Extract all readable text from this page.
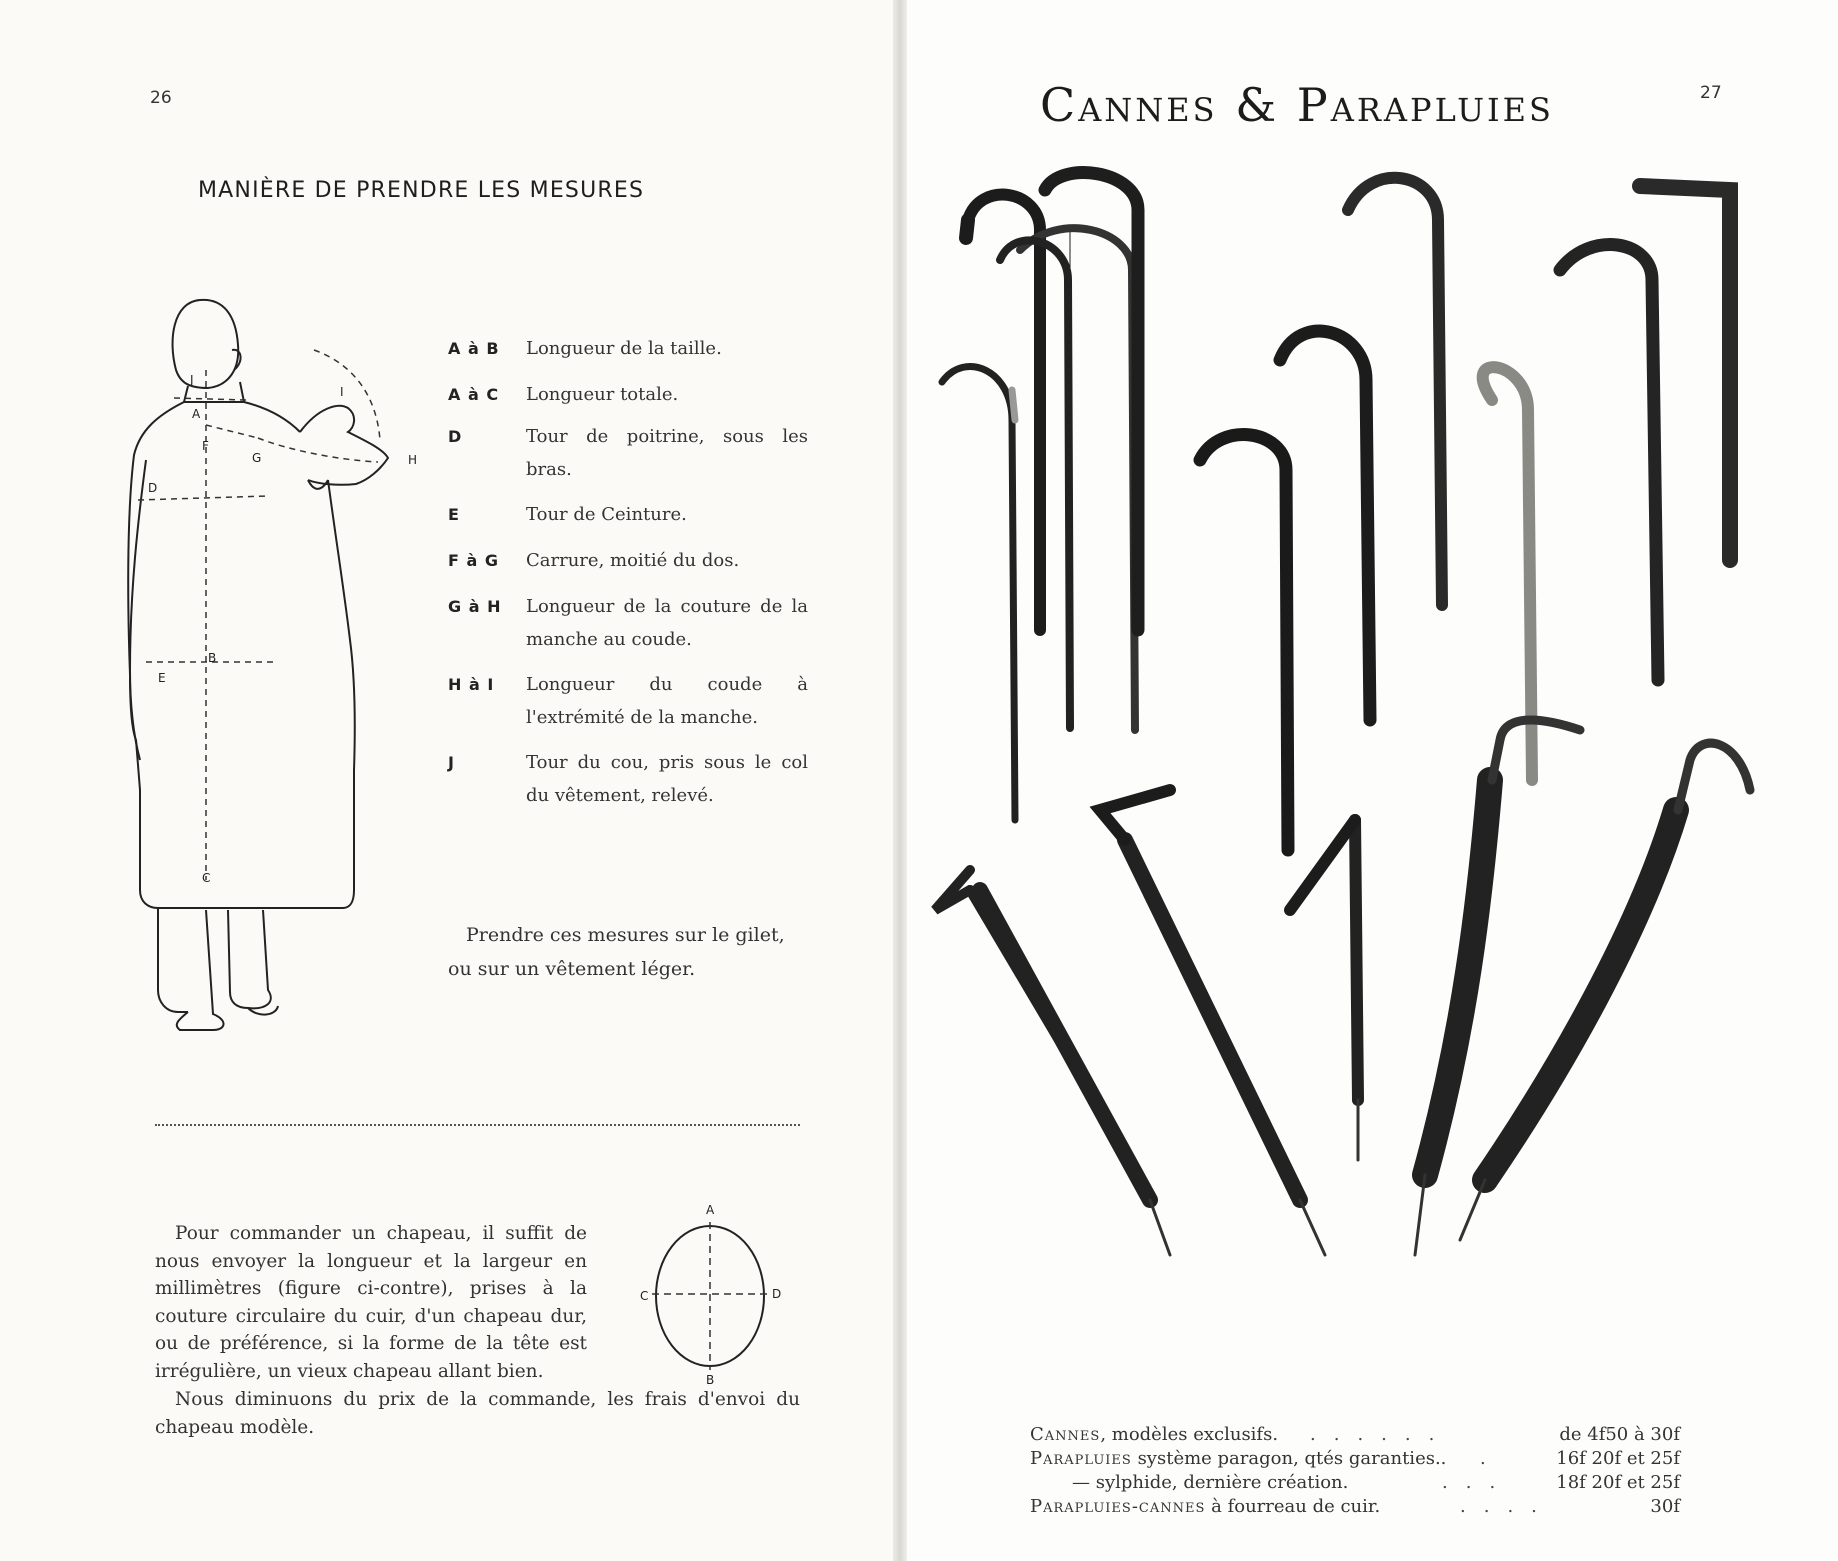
26
MANIÈRE DE PRENDRE LES MESURES
A
B
C
D
E
F
G	H
I
J
A à B Longueur de la taille.
A à C Longueur totale.
D	Tour de poitrine, sous les bras.
E	Tour de Ceinture.
F à G Carrure, moitié du dos.
G à H Longueur de la couture de la manche au coude.
H à I Longueur du coude à l'extrémité de la manche.
J	Tour du cou, pris sous le col du vêtement, relevé.
Prendre ces mesures sur le gilet,
ou sur un vêtement léger.
Pour commander un chapeau, il suffit de nous envoyer la longueur et la largeur en millimètres (figure ci-contre), prises à la couture circulaire du cuir, d'un chapeau dur, ou de préférence, si la forme de la tête est irrégulière, un vieux chapeau allant bien.
Nous diminuons du prix de la commande, les frais d'envoi du chapeau modèle.
A
B
C	D
Cannes & Parapluies	27
Cannes, modèles exclusifs. ......	de 4f50 à 30f
Parapluies système paragon, qtés garanties.. .	16f 20f et 25f
— sylphide, dernière création.	... 18f 20f et 25f
Parapluies-cannes à fourreau de cuir.	....	30f
